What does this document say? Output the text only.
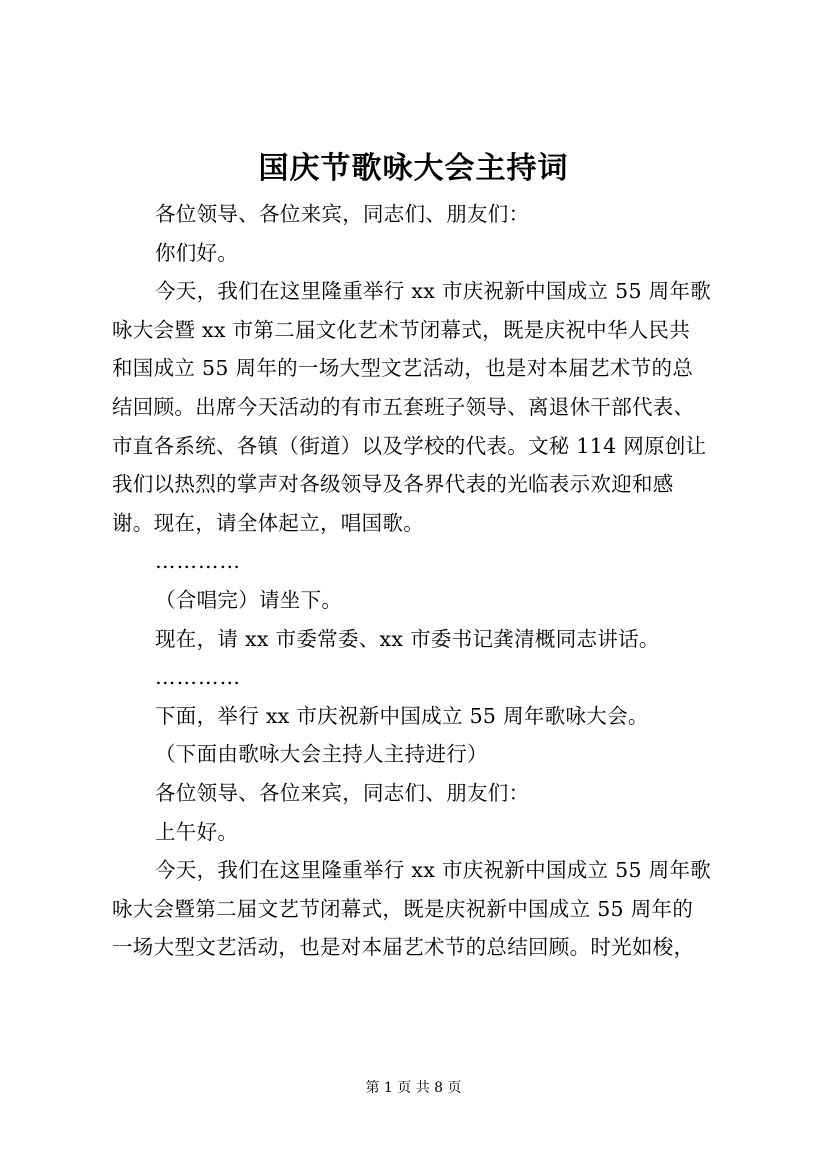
国庆节歌咏大会主持词
各位领导、各位来宾，同志们、朋友们：
你们好。
今天，我们在这里隆重举行 xx 市庆祝新中国成立 55 周年歌
咏大会暨 xx 市第二届文化艺术节闭幕式，既是庆祝中华人民共
和国成立 55 周年的一场大型文艺活动，也是对本届艺术节的总
结回顾。出席今天活动的有市五套班子领导、离退休干部代表、
市直各系统、各镇（街道）以及学校的代表。文秘 114 网原创让
我们以热烈的掌声对各级领导及各界代表的光临表示欢迎和感
谢。现在，请全体起立，唱国歌。
…………
（合唱完）请坐下。
现在，请 xx 市委常委、xx 市委书记龚清概同志讲话。
…………
下面，举行 xx 市庆祝新中国成立 55 周年歌咏大会。
（下面由歌咏大会主持人主持进行）
各位领导、各位来宾，同志们、朋友们：
上午好。
今天，我们在这里隆重举行 xx 市庆祝新中国成立 55 周年歌
咏大会暨第二届文艺节闭幕式，既是庆祝新中国成立 55 周年的
一场大型文艺活动，也是对本届艺术节的总结回顾。时光如梭，
第 1 页 共 8 页
